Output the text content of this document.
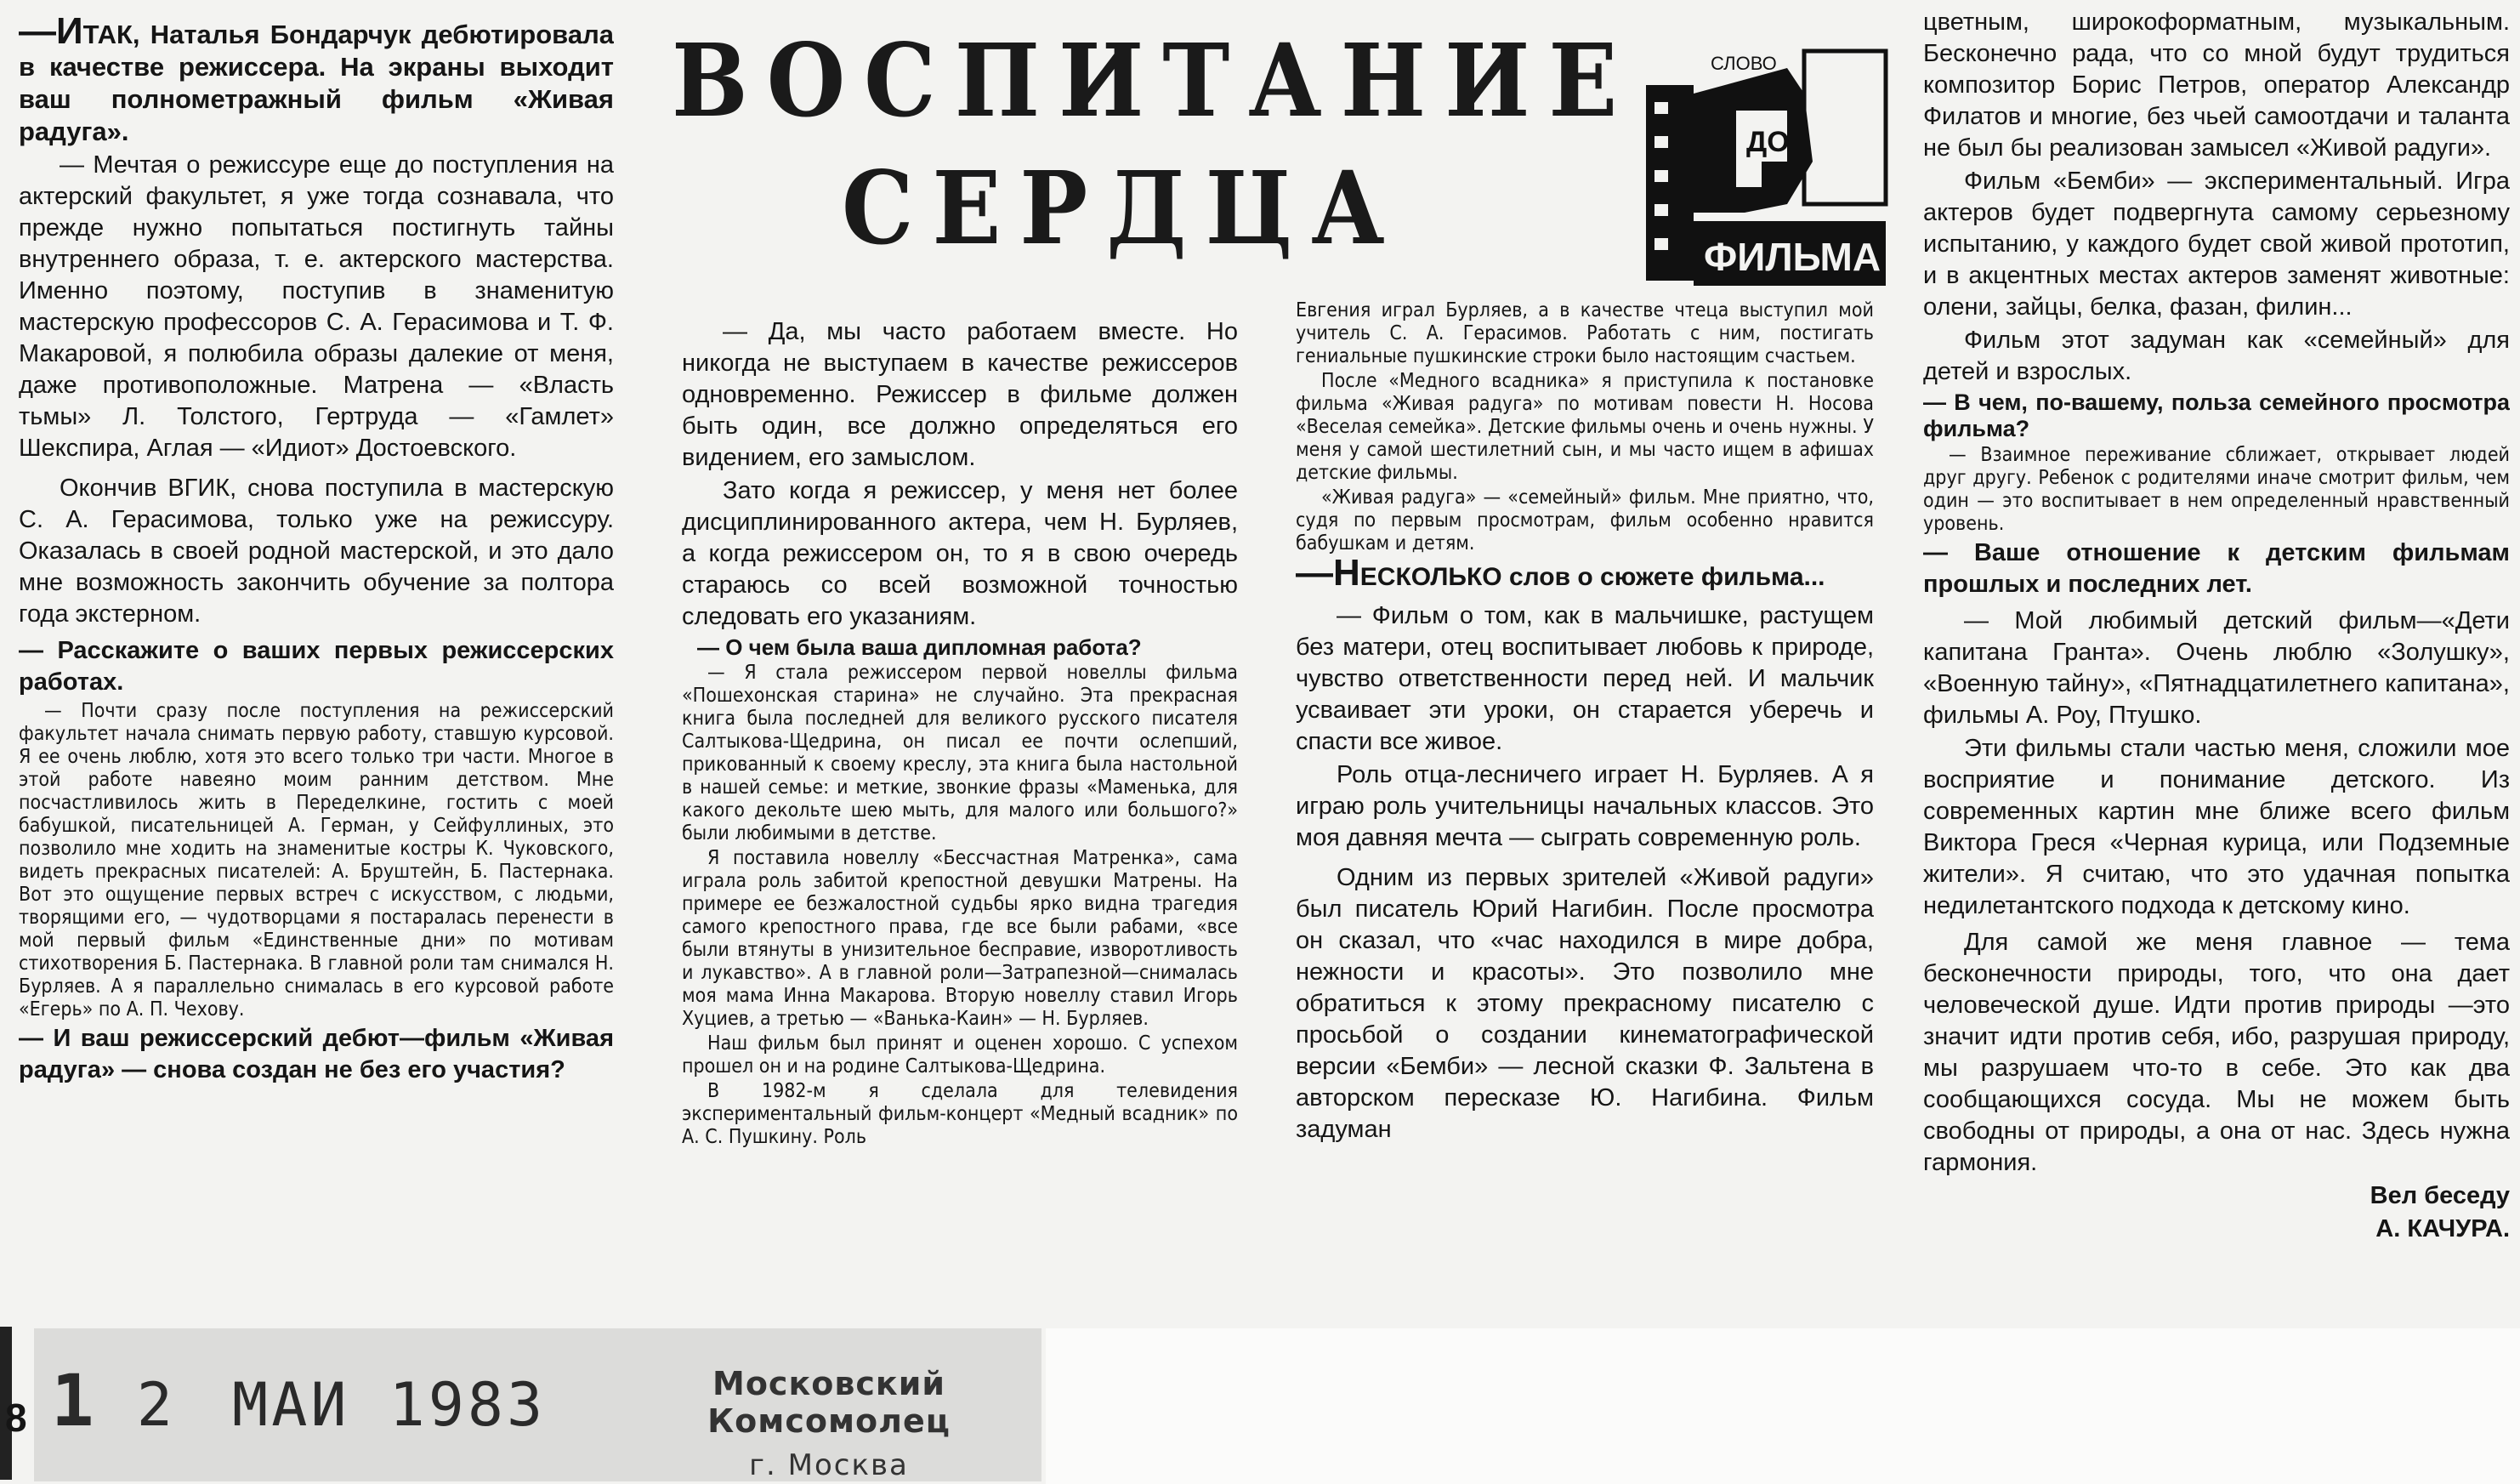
—ИТАК, Наталья Бондарчук дебютировала в качестве режиссера. На экраны выходит ваш полнометражный фильм «Живая радуга».

— Мечтая о режиссуре еще до поступления на актерский факультет, я уже тогда сознавала, что прежде нужно попытаться постигнуть тайны внутреннего образа, т. е. актерского мастерства. Именно поэтому, поступив в знаменитую мастерскую профессоров С. А. Герасимова и Т. Ф. Макаровой, я полюбила образы далекие от меня, даже противоположные. Матрена — «Власть тьмы» Л. Толстого, Гертруда — «Гамлет» Шекспира, Аглая — «Идиот» Достоевского.

Окончив ВГИК, снова поступила в мастерскую С. А. Герасимова, только уже на режиссуру. Оказалась в своей родной мастерской, и это дало мне возможность закончить обучение за полтора года экстерном.

— Расскажите о ваших первых режиссерских работах.

— Почти сразу после поступления на режиссерский факультет начала снимать первую работу, ставшую курсовой. Я ее очень люблю, хотя это всего только три части. Многое в этой работе навеяно моим ранним детством. Мне посчастливилось жить в Переделкине, гостить с моей бабушкой, писательницей А. Герман, у Сейфуллиных, это позволило мне ходить на знаменитые костры К. Чуковского, видеть прекрасных писателей: А. Бруштейн, Б. Пастернака. Вот это ощущение первых встреч с искусством, с людьми, творящими его, — чудотворцами я постаралась перенести в мой первый фильм «Единственные дни» по мотивам стихотворения Б. Пастернака. В главной роли там снимался Н. Бурляев. А я параллельно снималась в его курсовой работе «Егерь» по А. П. Чехову.

— И ваш режиссерский дебют—фильм «Живая радуга» — снова создан не без его участия?

ВОСПИТАНИЕ
СЕРДЦА
СЛОВО
ДО
ФИЛЬМА

— Да, мы часто работаем вместе. Но никогда не выступаем в качестве режиссеров одновременно. Режиссер в фильме должен быть один, все должно определяться его видением, его замыслом.

Зато когда я режиссер, у меня нет более дисциплинированного актера, чем Н. Бурляев, а когда режиссером он, то я в свою очередь стараюсь со всей возможной точностью следовать его указаниям.

— О чем была ваша дипломная работа?

— Я стала режиссером первой новеллы фильма «Пошехонская старина» не случайно. Эта прекрасная книга была последней для великого русского писателя Салтыкова-Щедрина, он писал ее почти ослепший, прикованный к своему креслу, эта книга была настольной в нашей семье: и меткие, звонкие фразы «Маменька, для какого декольте шею мыть, для малого или большого?» были любимыми в детстве.

Я поставила новеллу «Бессчастная Матренка», сама играла роль забитой крепостной девушки Матрены. На примере ее безжалостной судьбы ярко видна трагедия самого крепостного права, где все были рабами, «все были втянуты в унизительное бесправие, изворотливость и лукавство». А в главной роли—Затрапезной—снималась моя мама Инна Макарова. Вторую новеллу ставил Игорь Хуциев, а третью — «Ванька-Каин» — Н. Бурляев.

Наш фильм был принят и оценен хорошо. С успехом прошел он и на родине Салтыкова-Щедрина.

В 1982-м я сделала для телевидения экспериментальный фильм-концерт «Медный всадник» по А. С. Пушкину. Роль

Евгения играл Бурляев, а в качестве чтеца выступил мой учитель С. А. Герасимов. Работать с ним, постигать гениальные пушкинские строки было настоящим счастьем.

После «Медного всадника» я приступила к постановке фильма «Живая радуга» по мотивам повести Н. Носова «Веселая семейка». Детские фильмы очень и очень нужны. У меня у самой шестилетний сын, и мы часто ищем в афишах детские фильмы.

«Живая радуга» — «семейный» фильм. Мне приятно, что, судя по первым просмотрам, фильм особенно нравится бабушкам и детям.

—НЕСКОЛЬКО слов о сюжете фильма...

— Фильм о том, как в мальчишке, растущем без матери, отец воспитывает любовь к природе, чувство ответственности перед ней. И мальчик усваивает эти уроки, он старается уберечь и спасти все живое.

Роль отца-лесничего играет Н. Бурляев. А я играю роль учительницы начальных классов. Это моя давняя мечта — сыграть современную роль.

Одним из первых зрителей «Живой радуги» был писатель Юрий Нагибин. После просмотра он сказал, что «час находился в мире добра, нежности и красоты». Это позволило мне обратиться к этому прекрасному писателю с просьбой о создании кинематографической версии «Бемби» — лесной сказки Ф. Зальтена в авторском пересказе Ю. Нагибина. Фильм задуман

цветным, широкоформатным, музыкальным. Бесконечно рада, что со мной будут трудиться композитор Борис Петров, оператор Александр Филатов и многие, без чьей самоотдачи и таланта не был бы реализован замысел «Живой радуги».

Фильм «Бемби» — экспериментальный. Игра актеров будет подвергнута самому серьезному испытанию, у каждого будет свой живой прототип, и в акцентных местах актеров заменят животные: олени, зайцы, белка, фазан, филин...

Фильм этот задуман как «семейный» для детей и взрослых.

— В чем, по-вашему, польза семейного просмотра фильма?

— Взаимное переживание сближает, открывает людей друг другу. Ребенок с родителями иначе смотрит фильм, чем один — это воспитывает в нем определенный нравственный уровень.

— Ваше отношение к детским фильмам прошлых и последних лет.

— Мой любимый детский фильм—«Дети капитана Гранта». Очень люблю «Золушку», «Военную тайну», «Пятнадцатилетнего капитана», фильмы А. Роу, Птушко.

Эти фильмы стали частью меня, сложили мое восприятие и понимание детского. Из современных картин мне ближе всего фильм Виктора Греся «Черная курица, или Подземные жители». Я считаю, что это удачная попытка недилетантского подхода к детскому кино.

Для самой же меня главное — тема бесконечности природы, того, что она дает человеческой душе. Идти против природы —это значит идти против себя, ибо, разрушая природу, мы разрушаем что-то в себе. Это как два сообщающихся сосуда. Мы не можем быть свободны от природы, а она от нас. Здесь нужна гармония.

Вел беседу

А. КАЧУРА.

8 1 2 МАИ 1983	Московский Комсомолец
г. Москва
